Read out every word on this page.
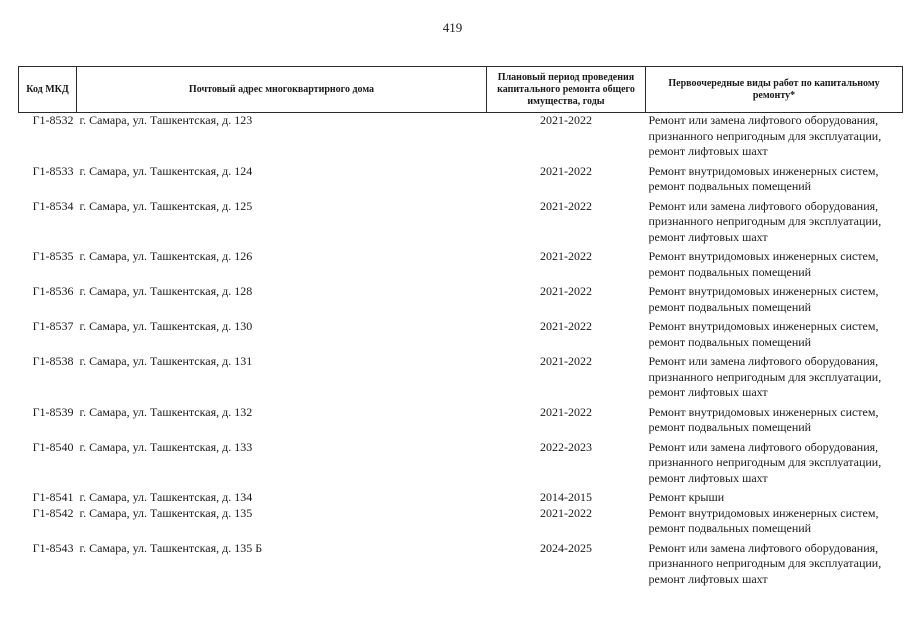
419
Код МКД	Почтовый адрес многоквартирного дома	Плановый период проведения капитального ремонта общего имущества, годы	Первоочередные виды работ по капитальному ремонту*
Г1-8532	г. Самара, ул. Ташкентская, д. 123	2021-2022	Ремонт или замена лифтового оборудования, признанного непригодным для эксплуатации, ремонт лифтовых шахт

Г1-8533	г. Самара, ул. Ташкентская, д. 124	2021-2022	Ремонт внутридомовых инженерных систем, ремонт подвальных помещений

Г1-8534	г. Самара, ул. Ташкентская, д. 125	2021-2022	Ремонт или замена лифтового оборудования, признанного непригодным для эксплуатации, ремонт лифтовых шахт

Г1-8535	г. Самара, ул. Ташкентская, д. 126	2021-2022	Ремонт внутридомовых инженерных систем, ремонт подвальных помещений

Г1-8536	г. Самара, ул. Ташкентская, д. 128	2021-2022	Ремонт внутридомовых инженерных систем, ремонт подвальных помещений

Г1-8537	г. Самара, ул. Ташкентская, д. 130	2021-2022	Ремонт внутридомовых инженерных систем, ремонт подвальных помещений

Г1-8538	г. Самара, ул. Ташкентская, д. 131	2021-2022	Ремонт или замена лифтового оборудования, признанного непригодным для эксплуатации, ремонт лифтовых шахт

Г1-8539	г. Самара, ул. Ташкентская, д. 132	2021-2022	Ремонт внутридомовых инженерных систем, ремонт подвальных помещений

Г1-8540	г. Самара, ул. Ташкентская, д. 133	2022-2023	Ремонт или замена лифтового оборудования, признанного непригодным для эксплуатации, ремонт лифтовых шахт

Г1-8541	г. Самара, ул. Ташкентская, д. 134	2014-2015	Ремонт крыши
Г1-8542	г. Самара, ул. Ташкентская, д. 135	2021-2022	Ремонт внутридомовых инженерных систем, ремонт подвальных помещений

Г1-8543	г. Самара, ул. Ташкентская, д. 135 Б	2024-2025	Ремонт или замена лифтового оборудования, признанного непригодным для эксплуатации, ремонт лифтовых шахт
